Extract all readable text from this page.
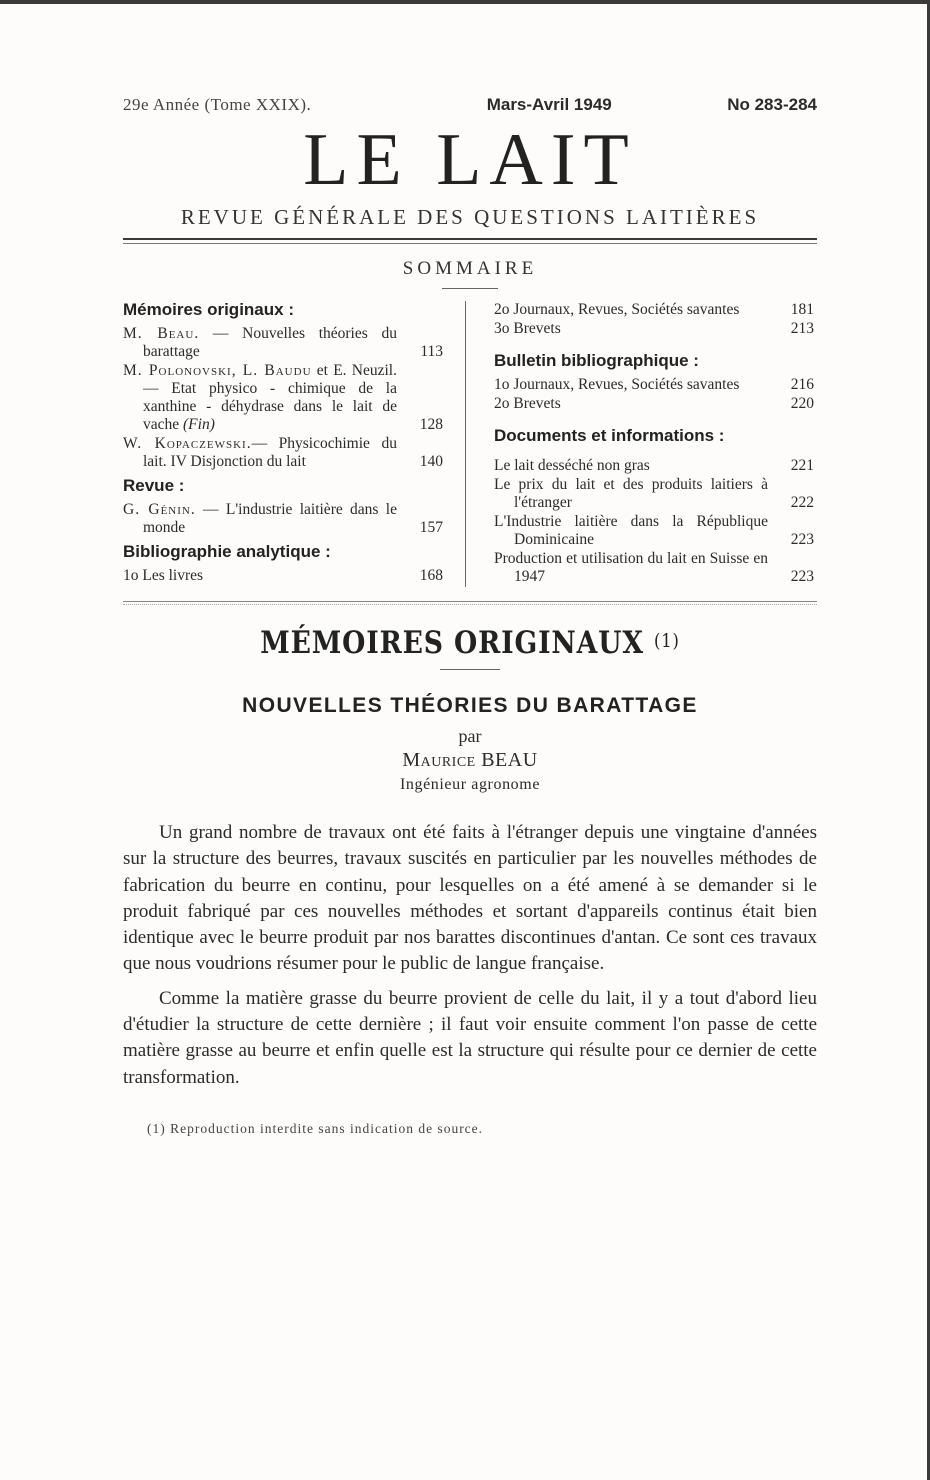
29e Année (Tome XXIX).	Mars-Avril 1949	No 283-284
LE LAIT
REVUE GÉNÉRALE DES QUESTIONS LAITIÈRES
SOMMAIRE
Mémoires originaux :
M. Beau. — Nouvelles théories du barattage	113
M. Polonovski, L. Baudu et E. Neuzil. — Etat physico - chimique de la xanthine - déhydrase dans le lait de vache (Fin)	128
W. Kopaczewski.— Physicochimie du lait. IV Disjonction du lait	140
Revue :
G. Génin. — L'industrie laitière dans le monde	157
Bibliographie analytique :
1o Les livres	168
2o Journaux, Revues, Sociétés savantes	181
3o Brevets	213
Bulletin bibliographique :
1o Journaux, Revues, Sociétés savantes	216
2o Brevets	220
Documents et informations :
Le lait desséché non gras	221
Le prix du lait et des produits laitiers à l'étranger	222
L'Industrie laitière dans la République Dominicaine	223
Production et utilisation du lait en Suisse en 1947	223
MÉMOIRES ORIGINAUX $^{(1)}$
NOUVELLES THÉORIES DU BARATTAGE
par
Maurice BEAU
Ingénieur agronome

Un grand nombre de travaux ont été faits à l'étranger depuis une vingtaine d'années sur la structure des beurres, travaux suscités en particulier par les nouvelles méthodes de fabrication du beurre en continu, pour lesquelles on a été amené à se demander si le produit fabriqué par ces nouvelles méthodes et sortant d'appareils continus était bien identique avec le beurre produit par nos barattes discontinues d'antan. Ce sont ces travaux que nous voudrions résumer pour le public de langue française.

Comme la matière grasse du beurre provient de celle du lait, il y a tout d'abord lieu d'étudier la structure de cette dernière ; il faut voir ensuite comment l'on passe de cette matière grasse au beurre et enfin quelle est la structure qui résulte pour ce dernier de cette transformation.

(1) Reproduction interdite sans indication de source.
